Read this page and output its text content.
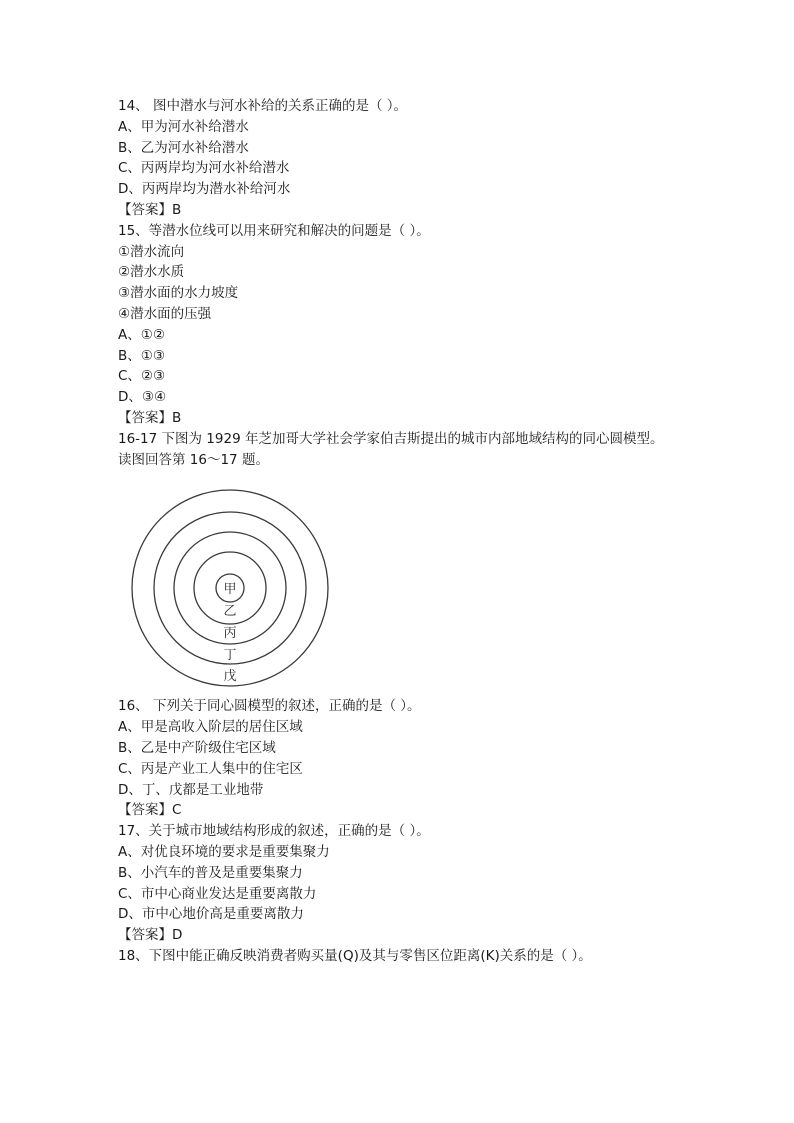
14、 图中潜水与河水补给的关系正确的是（ ）。
A、甲为河水补给潜水
B、乙为河水补给潜水
C、丙两岸均为河水补给潜水
D、丙两岸均为潜水补给河水
【答案】B
15、等潜水位线可以用来研究和解决的问题是（ ）。
①潜水流向
②潜水水质
③潜水面的水力坡度
④潜水面的压强
A、①②
B、①③
C、②③
D、③④
【答案】B
16-17 下图为 1929 年芝加哥大学社会学家伯吉斯提出的城市内部地域结构的同心圆模型。
读图回答第 16～17 题。
甲
乙
丙
丁
戊
16、 下列关于同心圆模型的叙述，正确的是（ ）。
A、甲是高收入阶层的居住区域
B、乙是中产阶级住宅区域
C、丙是产业工人集中的住宅区
D、丁、戊都是工业地带
【答案】C
17、关于城市地域结构形成的叙述，正确的是（ ）。
A、对优良环境的要求是重要集聚力
B、小汽车的普及是重要集聚力
C、市中心商业发达是重要离散力
D、市中心地价高是重要离散力
【答案】D
18、下图中能正确反映消费者购买量(Q)及其与零售区位距离(K)关系的是（ ）。
